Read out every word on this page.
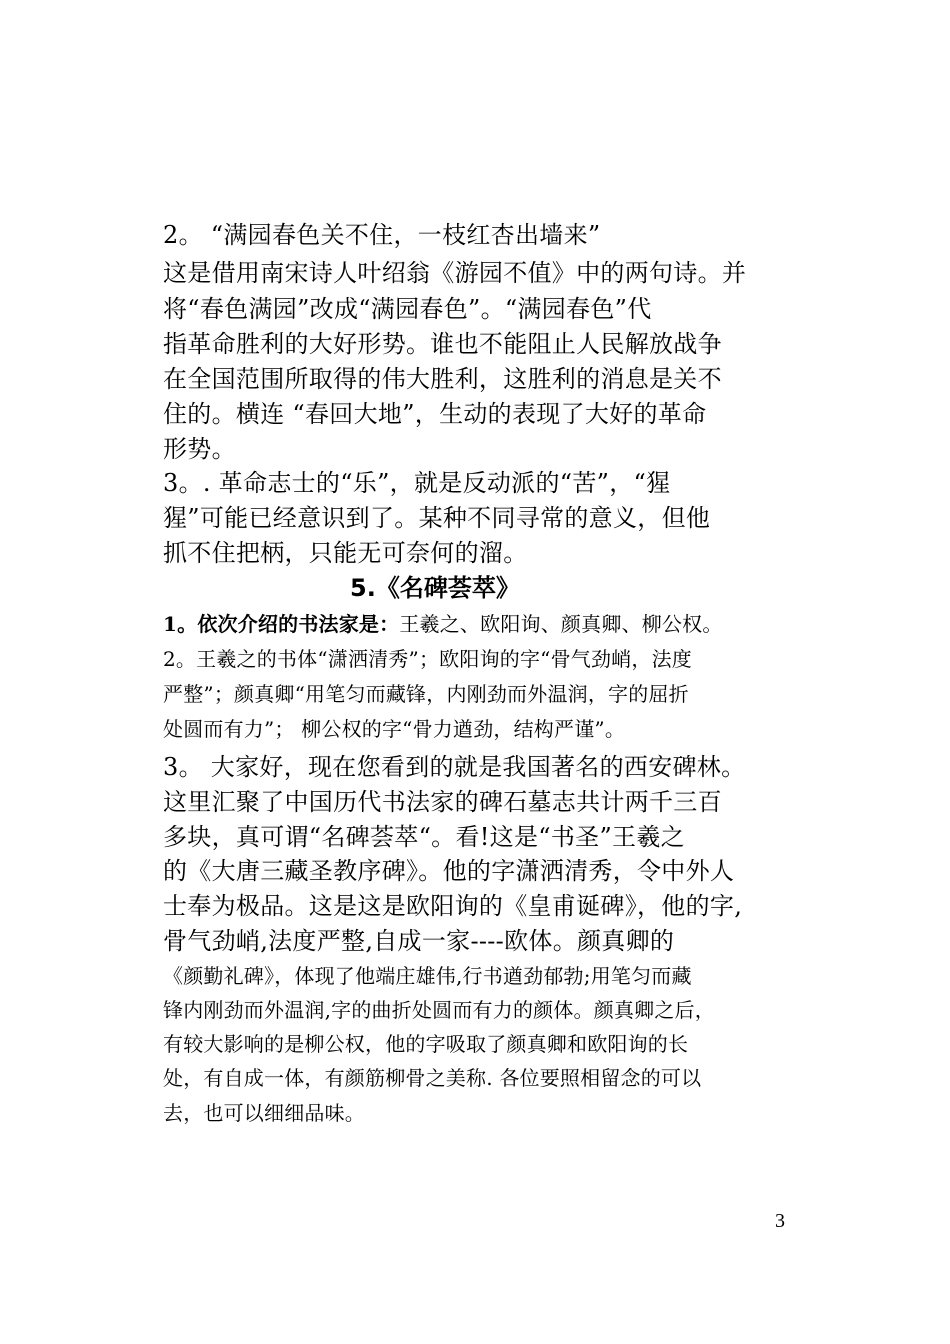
2。 “满园春色关不住，一枝红杏出墙来”
这是借用南宋诗人叶绍翁《游园不值》中的两句诗。并
将“春色满园”改成“满园春色”。“满园春色”代
指革命胜利的大好形势。谁也不能阻止人民解放战争
在全国范围所取得的伟大胜利，这胜利的消息是关不
住的。横连 “春回大地”，生动的表现了大好的革命
形势。
3。. 革命志士的“乐”，就是反动派的“苦”，“猩
猩”可能已经意识到了。某种不同寻常的意义，但他
抓不住把柄，只能无可奈何的溜。
5.《名碑荟萃》
1。依次介绍的书法家是：王羲之、欧阳询、颜真卿、柳公权。
2。王羲之的书体“潇洒清秀”；欧阳询的字“骨气劲峭，法度
严整”；颜真卿“用笔匀而藏锋，内刚劲而外温润，字的屈折
处圆而有力”； 柳公权的字“骨力遒劲，结构严谨”。
3。 大家好，现在您看到的就是我国著名的西安碑林。
这里汇聚了中国历代书法家的碑石墓志共计两千三百
多块，真可谓“名碑荟萃“。看!这是“书圣”王羲之
的《大唐三藏圣教序碑》。他的字潇洒清秀，令中外人
士奉为极品。这是这是欧阳询的《皇甫诞碑》，他的字,
骨气劲峭,法度严整,自成一家----欧体。颜真卿的
《颜勤礼碑》，体现了他端庄雄伟,行书遒劲郁勃;用笔匀而藏
锋内刚劲而外温润,字的曲折处圆而有力的颜体。颜真卿之后，
有较大影响的是柳公权，他的字吸取了颜真卿和欧阳询的长
处，有自成一体，有颜筋柳骨之美称. 各位要照相留念的可以
去，也可以细细品味。
3
